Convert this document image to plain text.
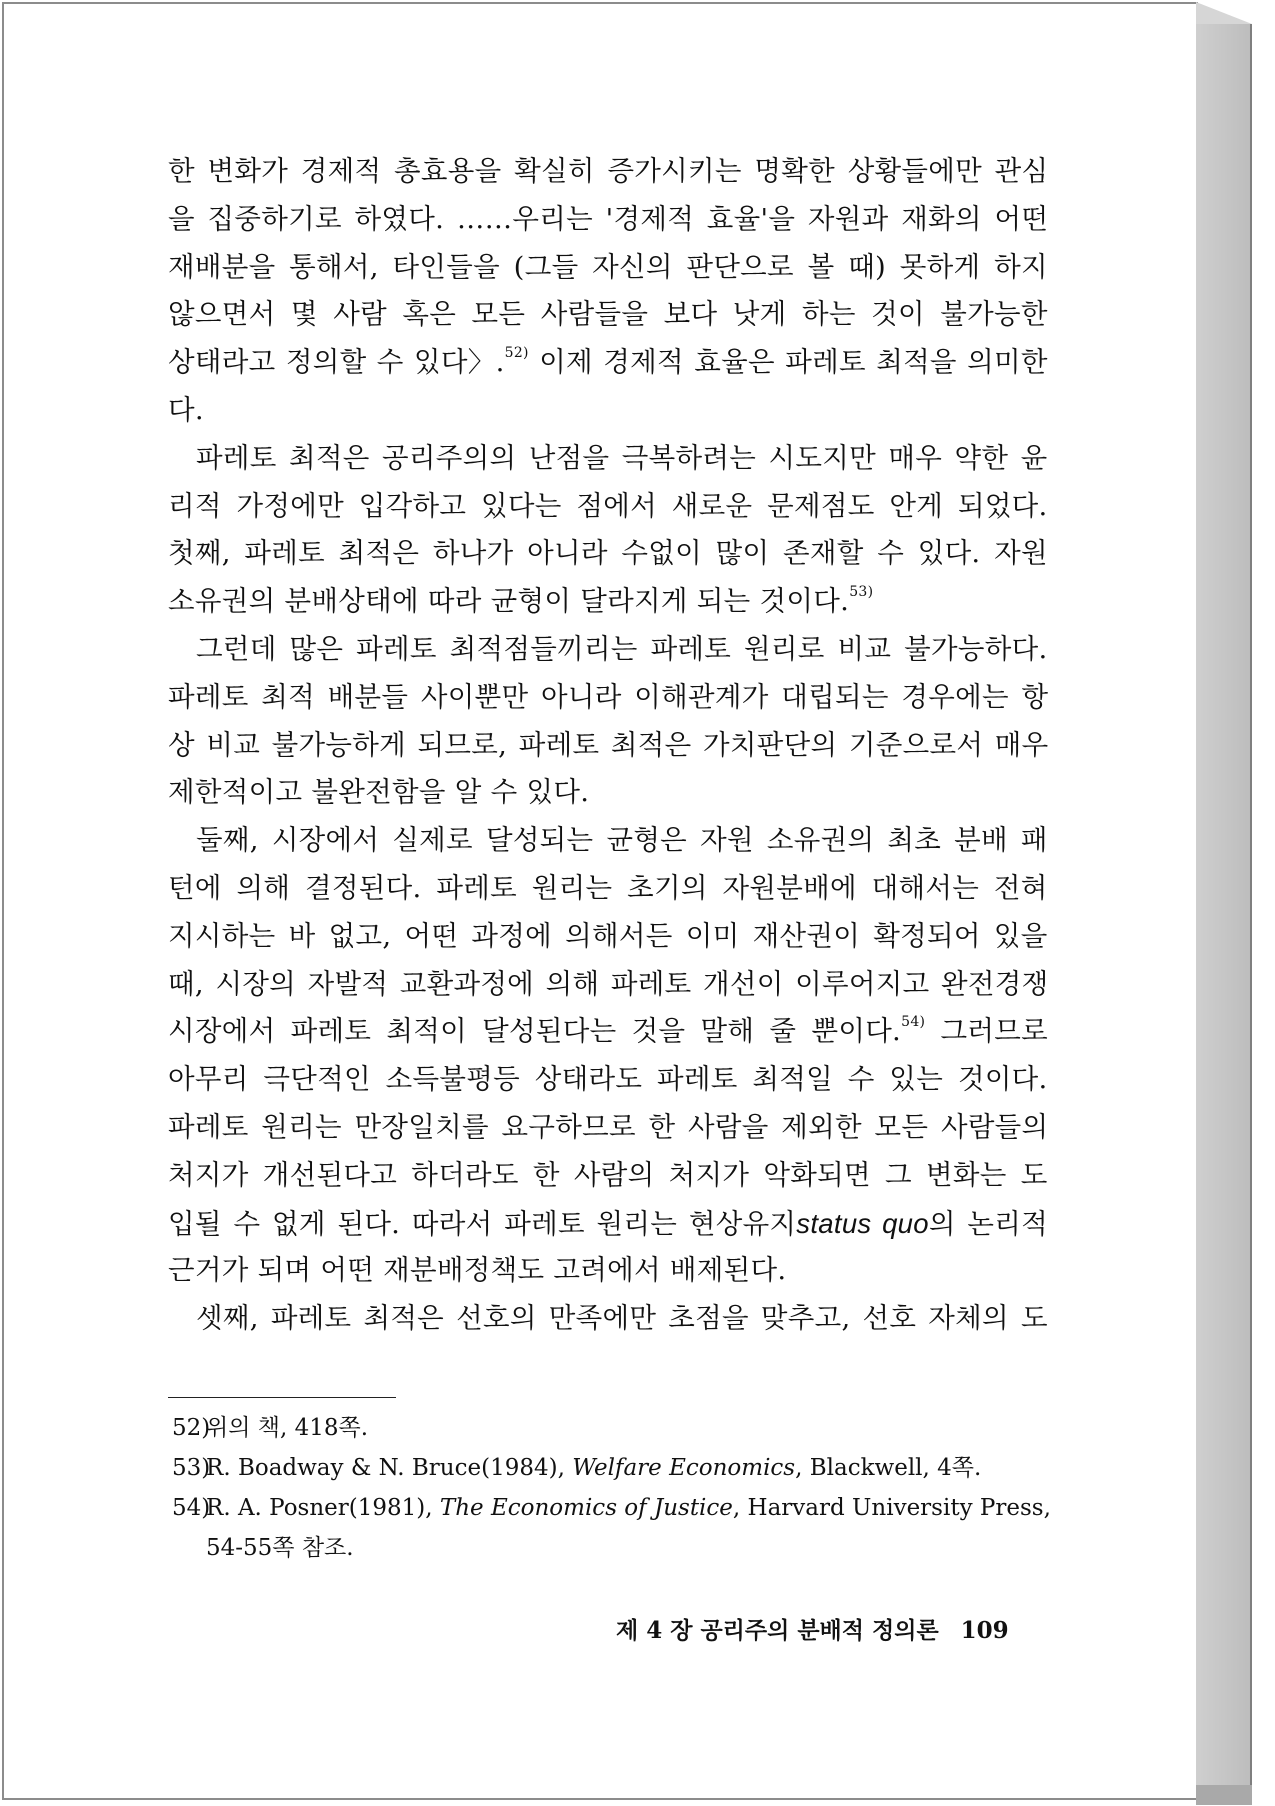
한 변화가 경제적 총효용을 확실히 증가시키는 명확한 상황들에만 관심
을 집중하기로 하였다. ……우리는 '경제적 효율'을 자원과 재화의 어떤
재배분을 통해서, 타인들을 (그들 자신의 판단으로 볼 때) 못하게 하지
않으면서 몇 사람 혹은 모든 사람들을 보다 낫게 하는 것이 불가능한
상태라고 정의할 수 있다〉.$^{52)}$ 이제 경제적 효율은 파레토 최적을 의미한
다.
파레토 최적은 공리주의의 난점을 극복하려는 시도지만 매우 약한 윤
리적 가정에만 입각하고 있다는 점에서 새로운 문제점도 안게 되었다.
첫째, 파레토 최적은 하나가 아니라 수없이 많이 존재할 수 있다. 자원
소유권의 분배상태에 따라 균형이 달라지게 되는 것이다.$^{53)}$
그런데 많은 파레토 최적점들끼리는 파레토 원리로 비교 불가능하다.
파레토 최적 배분들 사이뿐만 아니라 이해관계가 대립되는 경우에는 항
상 비교 불가능하게 되므로, 파레토 최적은 가치판단의 기준으로서 매우
제한적이고 불완전함을 알 수 있다.
둘째, 시장에서 실제로 달성되는 균형은 자원 소유권의 최초 분배 패
턴에 의해 결정된다. 파레토 원리는 초기의 자원분배에 대해서는 전혀
지시하는 바 없고, 어떤 과정에 의해서든 이미 재산권이 확정되어 있을
때, 시장의 자발적 교환과정에 의해 파레토 개선이 이루어지고 완전경쟁
시장에서 파레토 최적이 달성된다는 것을 말해 줄 뿐이다.$^{54)}$ 그러므로
아무리 극단적인 소득불평등 상태라도 파레토 최적일 수 있는 것이다.
파레토 원리는 만장일치를 요구하므로 한 사람을 제외한 모든 사람들의
처지가 개선된다고 하더라도 한 사람의 처지가 악화되면 그 변화는 도
입될 수 없게 된다. 따라서 파레토 원리는 현상유지status quo의 논리적
근거가 되며 어떤 재분배정책도 고려에서 배제된다.
셋째, 파레토 최적은 선호의 만족에만 초점을 맞추고, 선호 자체의 도
52)위의 책, 418쪽.
53)R. Boadway & N. Bruce(1984), Welfare Economics, Blackwell, 4쪽.
54)R. A. Posner(1981), The Economics of Justice, Harvard University Press,
54-55쪽 참조.
제 4 장 공리주의 분배적 정의론 109
